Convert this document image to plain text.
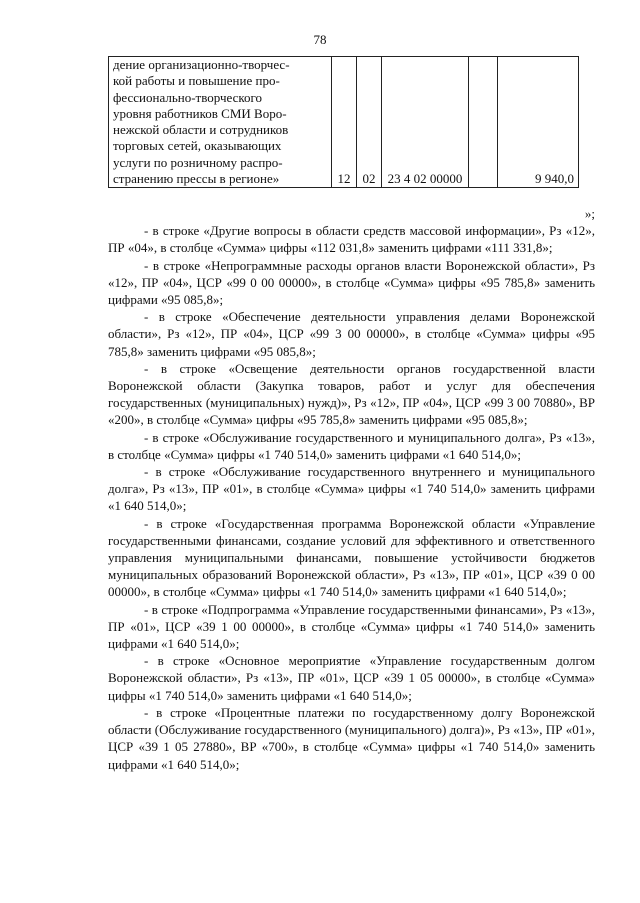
78
дение организационно-творчес-
кой работы и повышение про-
фессионально-творческого
уровня работников СМИ Воро-
нежской области и сотрудников
торговых сетей, оказывающих
услуги по розничному распро-
странению прессы в регионе»	12	02	23 4 02 00000		9 940,0

»;

- в строке «Другие вопросы в области средств массовой информации», Рз «12», ПР «04», в столбце «Сумма» цифры «112 031,8» заменить цифрами «111 331,8»;

- в строке «Непрограммные расходы органов власти Воронежской области», Рз «12», ПР «04», ЦСР «99 0 00 00000», в столбце «Сумма» цифры «95 785,8» заменить цифрами «95 085,8»;

- в строке «Обеспечение деятельности управления делами Воронежской области», Рз «12», ПР «04», ЦСР «99 3 00 00000», в столбце «Сумма» цифры «95 785,8» заменить цифрами «95 085,8»;

- в строке «Освещение деятельности органов государственной власти Воронежской области (Закупка товаров, работ и услуг для обеспечения государственных (муниципальных) нужд)», Рз «12», ПР «04», ЦСР «99 3 00 70880», ВР «200», в столбце «Сумма» цифры «95 785,8» заменить цифрами «95 085,8»;

- в строке «Обслуживание государственного и муниципального долга», Рз «13», в столбце «Сумма» цифры «1 740 514,0» заменить цифрами «1 640 514,0»;

- в строке «Обслуживание государственного внутреннего и муниципального долга», Рз «13», ПР «01», в столбце «Сумма» цифры «1 740 514,0» заменить цифрами «1 640 514,0»;

- в строке «Государственная программа Воронежской области «Управление государственными финансами, создание условий для эффективного и ответственного управления муниципальными финансами, повышение устойчивости бюджетов муниципальных образований Воронежской области», Рз «13», ПР «01», ЦСР «39 0 00 00000», в столбце «Сумма» цифры «1 740 514,0» заменить цифрами «1 640 514,0»;

- в строке «Подпрограмма «Управление государственными финансами», Рз «13», ПР «01», ЦСР «39 1 00 00000», в столбце «Сумма» цифры «1 740 514,0» заменить цифрами «1 640 514,0»;

- в строке «Основное мероприятие «Управление государственным долгом Воронежской области», Рз «13», ПР «01», ЦСР «39 1 05 00000», в столбце «Сумма» цифры «1 740 514,0» заменить цифрами «1 640 514,0»;

- в строке «Процентные платежи по государственному долгу Воронежской области (Обслуживание государственного (муниципального) долга)», Рз «13», ПР «01», ЦСР «39 1 05 27880», ВР «700», в столбце «Сумма» цифры «1 740 514,0» заменить цифрами «1 640 514,0»;
